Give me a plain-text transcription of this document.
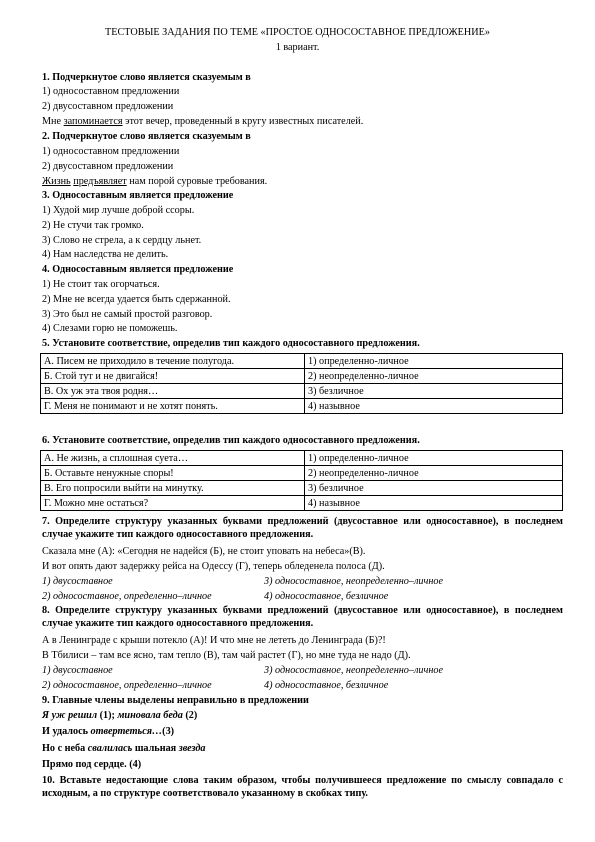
ТЕСТОВЫЕ ЗАДАНИЯ ПО ТЕМЕ «ПРОСТОЕ ОДНОСОСТАВНОЕ ПРЕДЛОЖЕНИЕ»
1 вариант.
1. Подчеркнутое слово является сказуемым в
1) односоставном предложении
2) двусоставном предложении
Мне запоминается этот вечер, проведенный в кругу известных писателей.
2. Подчеркнутое слово является сказуемым в
1) односоставном предложении
2) двусоставном предложении
Жизнь предъявляет нам порой суровые требования.
3. Односоставным является предложение
1) Худой мир лучше доброй ссоры.
2) Не стучи так громко.
3) Слово не стрела, а к сердцу льнет.
4) Нам наследства не делить.
4. Односоставным является предложение
1) Не стоит так огорчаться.
2) Мне не всегда удается быть сдержанной.
3) Это был не самый простой разговор.
4) Слезами горю не поможешь.
5. Установите соответствие, определив тип каждого односоставного предложения.
А. Писем не приходило в течение полугода.	1) определенно-личное
Б. Стой тут и не двигайся!	2) неопределенно-личное
В. Ох уж эта твоя родня…	3) безличное
Г. Меня не понимают и не хотят понять.	4) назывное
6. Установите соответствие, определив тип каждого односоставного предложения.
А. Не жизнь, а сплошная суета…	1) определенно-личное
Б. Оставьте ненужные споры!	2) неопределенно-личное
В. Его попросили выйти на минутку.	3) безличное
Г. Можно мне остаться?	4) назывное
7. Определите структуру указанных буквами предложений (двусоставное или односоставное), в последнем случае укажите тип каждого односоставного предложения.
Сказала мне (А): «Сегодня не надейся (Б), не стоит уповать на небеса»(В).
И вот опять дают задержку рейса на Одессу (Г), теперь обледенела полоса (Д).
1) двусоставное	3) односоставное, неопределенно–личное
2) односоставное, определенно–личное	4) односоставное, безличное
8. Определите структуру указанных буквами предложений (двусоставное или односоставное), в последнем случае укажите тип каждого односоставного предложения.
А в Ленинграде с крыши потекло (А)! И что мне не лететь до Ленинграда (Б)?!
В Тбилиси – там все ясно, там тепло (В), там чай растет (Г), но мне туда не надо (Д).
1) двусоставное	3) односоставное, неопределенно–личное
2) односоставное, определенно–личное	4) односоставное, безличное
9. Главные члены выделены неправильно в предложении
Я уж решил (1); миновала беда (2)
И удалось отвертеться…(3)
Но с неба свалилась шальная звезда
Прямо под сердце. (4)
10. Вставьте недостающие слова таким образом, чтобы получившееся предложение по смыслу совпадало с исходным, а по структуре соответствовало указанному в скобках типу.
